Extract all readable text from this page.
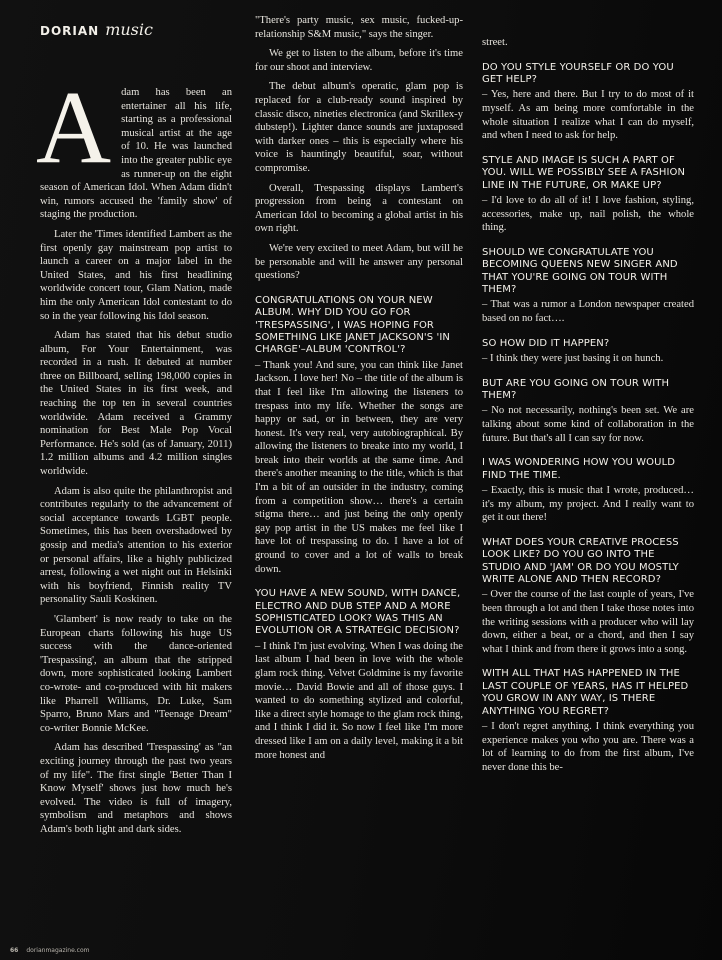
DORIAN music
A dam has been an entertainer all his life, starting as a professional musical artist at the age of 10. He was launched into the greater public eye as runner-up on the eight season of American Idol. When Adam didn't win, rumors accused the 'family show' of staging the production.

Later the 'Times identified Lambert as the first openly gay mainstream pop artist to launch a career on a major label in the United States, and his first headlining worldwide concert tour, Glam Nation, made him the only American Idol contestant to do so in the year following his Idol season.

Adam has stated that his debut studio album, For Your Entertainment, was recorded in a rush. It debuted at number three on Billboard, selling 198,000 copies in the United States in its first week, and reaching the top ten in several countries worldwide. Adam received a Grammy nomination for Best Male Pop Vocal Performance. He's sold (as of January, 2011) 1.2 million albums and 4.2 million singles worldwide.

Adam is also quite the philanthropist and contributes regularly to the advancement of social acceptance towards LGBT people. Sometimes, this has been overshadowed by gossip and media's attention to his exterior or personal affairs, like a highly publicized arrest, following a wet night out in Helsinki with his boyfriend, Finnish reality TV personality Sauli Koskinen.

'Glambert' is now ready to take on the European charts following his huge US success with the dance-oriented 'Trespassing', an album that the stripped down, more sophisticated looking Lambert co-wrote- and co-produced with hit makers like Pharrell Williams, Dr. Luke, Sam Sparro, Bruno Mars and "Teenage Dream" co-writer Bonnie McKee.

Adam has described 'Trespassing' as "an exciting journey through the past two years of my life". The first single 'Better Than I Know Myself' shows just how much he's evolved. The video is full of imagery, symbolism and metaphors and shows Adam's both light and dark sides.

"There's party music, sex music, fucked-up-relationship S&M music," says the singer.

We get to listen to the album, before it's time for our shoot and interview.

The debut album's operatic, glam pop is replaced for a club-ready sound inspired by classic disco, nineties electronica (and Skrillex-y dubstep!). Lighter dance sounds are juxtaposed with darker ones – this is especially where his voice is hauntingly beautiful, soar, without compromise.

Overall, Trespassing displays Lambert's progression from being a contestant on American Idol to becoming a global artist in his own right.

We're very excited to meet Adam, but will he be personable and will he answer any personal questions?

CONGRATULATIONS ON YOUR NEW ALBUM. WHY DID YOU GO FOR 'TRESPASSING', I WAS HOPING FOR SOMETHING LIKE JANET JACKSON'S 'IN CHARGE'–ALBUM 'CONTROL'?
– Thank you! And sure, you can think like Janet Jackson. I love her! No – the title of the album is that I feel like I'm allowing the listeners to trespass into my life. Whether the songs are happy or sad, or in between, they are very honest. It's very real, very autobiographical. By allowing the listeners to breake into my world, I break into their worlds at the same time. And there's another meaning to the title, which is that I'm a bit of an outsider in the industry, coming from a competition show… there's a certain stigma there… and just being the only openly gay pop artist in the US makes me feel like I have lot of trespassing to do. I have a lot of ground to cover and a lot of walls to break down.
YOU HAVE A NEW SOUND, WITH DANCE, ELECTRO AND DUB STEP AND A MORE SOPHISTICATED LOOK? WAS THIS AN EVOLUTION OR A STRATEGIC DECISION?
– I think I'm just evolving. When I was doing the last album I had been in love with the whole glam rock thing. Velvet Goldmine is my favorite movie… David Bowie and all of those guys. I wanted to do something stylized and colorful, like a direct style homage to the glam rock thing, and I think I did it. So now I feel like I'm more dressed like I am on a daily level, making it a bit more honest and
street.
DO YOU STYLE YOURSELF OR DO YOU GET HELP?
– Yes, here and there. But I try to do most of it myself. As am being more comfortable in the whole situation I realize what I can do myself, and when I need to ask for help.
STYLE AND IMAGE IS SUCH A PART OF YOU. WILL WE POSSIBLY SEE A FASHION LINE IN THE FUTURE, OR MAKE UP?
– I'd love to do all of it! I love fashion, styling, accessories, make up, nail polish, the whole thing.
SHOULD WE CONGRATULATE YOU BECOMING QUEENS NEW SINGER AND THAT YOU'RE GOING ON TOUR WITH THEM?
– That was a rumor a London newspaper created based on no fact….
SO HOW DID IT HAPPEN?
– I think they were just basing it on hunch.
BUT ARE YOU GOING ON TOUR WITH THEM?
– No not necessarily, nothing's been set. We are talking about some kind of collaboration in the future. But that's all I can say for now.
I WAS WONDERING HOW YOU WOULD FIND THE TIME.
– Exactly, this is music that I wrote, produced… it's my album, my project. And I really want to get it out there!
WHAT DOES YOUR CREATIVE PROCESS LOOK LIKE? DO YOU GO INTO THE STUDIO AND 'JAM' OR DO YOU MOSTLY WRITE ALONE AND THEN RECORD?
– Over the course of the last couple of years, I've been through a lot and then I take those notes into the writing sessions with a producer who will lay down, either a beat, or a chord, and then I say what I think and from there it grows into a song.
WITH ALL THAT HAS HAPPENED IN THE LAST COUPLE OF YEARS, HAS IT HELPED YOU GROW IN ANY WAY, IS THERE ANYTHING YOU REGRET?
– I don't regret anything. I think everything you experience makes you who you are. There was a lot of learning to do from the first album, I've never done this be-
66 dorianmagazine.com
